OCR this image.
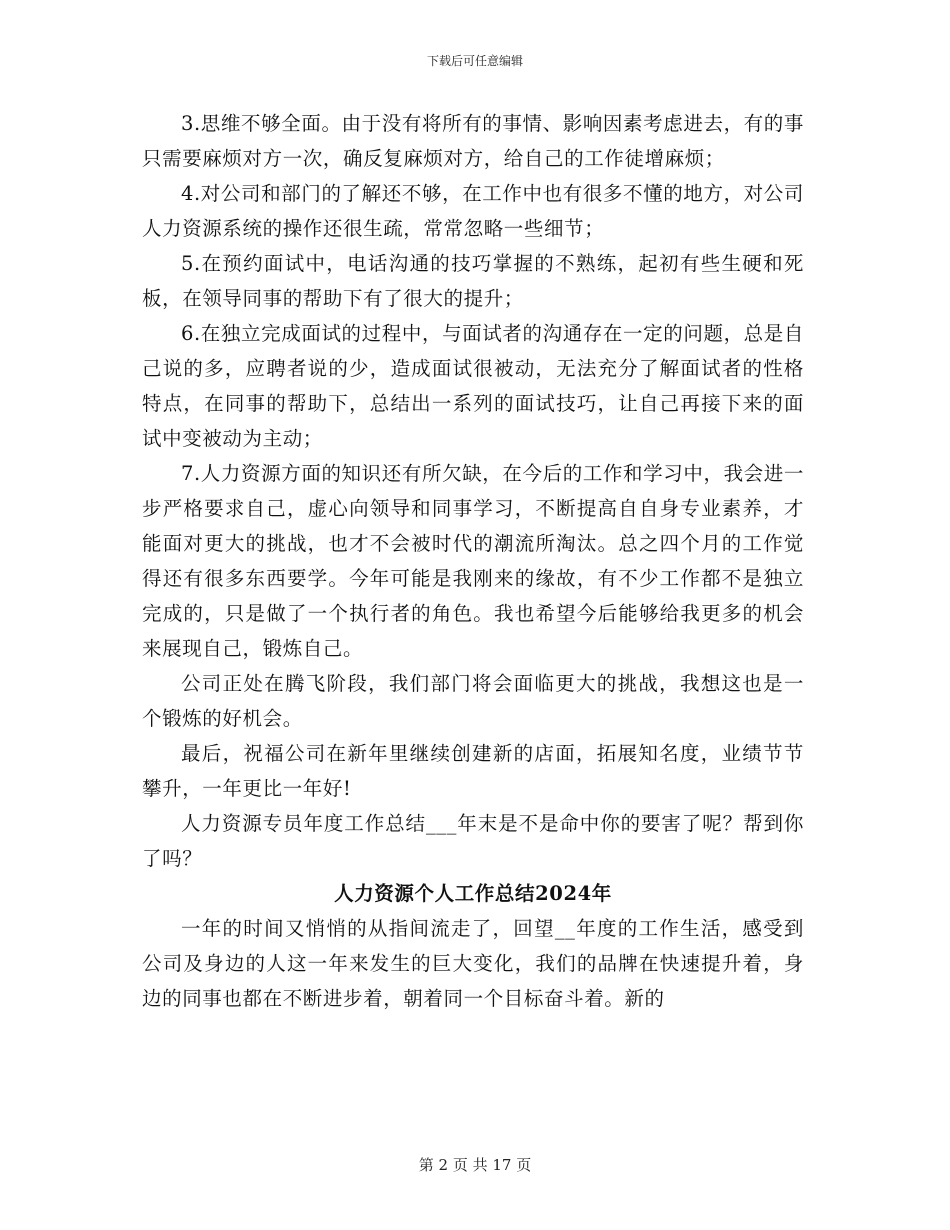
下载后可任意编辑

3.思维不够全面。由于没有将所有的事情、影响因素考虑进去，有的事只需要麻烦对方一次，确反复麻烦对方，给自己的工作徒增麻烦；

4.对公司和部门的了解还不够，在工作中也有很多不懂的地方，对公司人力资源系统的操作还很生疏，常常忽略一些细节；

5.在预约面试中，电话沟通的技巧掌握的不熟练，起初有些生硬和死板，在领导同事的帮助下有了很大的提升；

6.在独立完成面试的过程中，与面试者的沟通存在一定的问题，总是自己说的多，应聘者说的少，造成面试很被动，无法充分了解面试者的性格特点，在同事的帮助下，总结出一系列的面试技巧，让自己再接下来的面试中变被动为主动；

7.人力资源方面的知识还有所欠缺，在今后的工作和学习中，我会进一步严格要求自己，虚心向领导和同事学习，不断提高自自身专业素养，才能面对更大的挑战，也才不会被时代的潮流所淘汰。总之四个月的工作觉得还有很多东西要学。今年可能是我刚来的缘故，有不少工作都不是独立完成的，只是做了一个执行者的角色。我也希望今后能够给我更多的机会来展现自己，锻炼自己。

公司正处在腾飞阶段，我们部门将会面临更大的挑战，我想这也是一个锻炼的好机会。

最后，祝福公司在新年里继续创建新的店面，拓展知名度，业绩节节攀升，一年更比一年好!

人力资源专员年度工作总结___年末是不是命中你的要害了呢？帮到你了吗？

人力资源个人工作总结2024年

一年的时间又悄悄的从指间流走了，回望__年度的工作生活，感受到公司及身边的人这一年来发生的巨大变化，我们的品牌在快速提升着，身边的同事也都在不断进步着，朝着同一个目标奋斗着。新的

第 2 页 共 17 页
